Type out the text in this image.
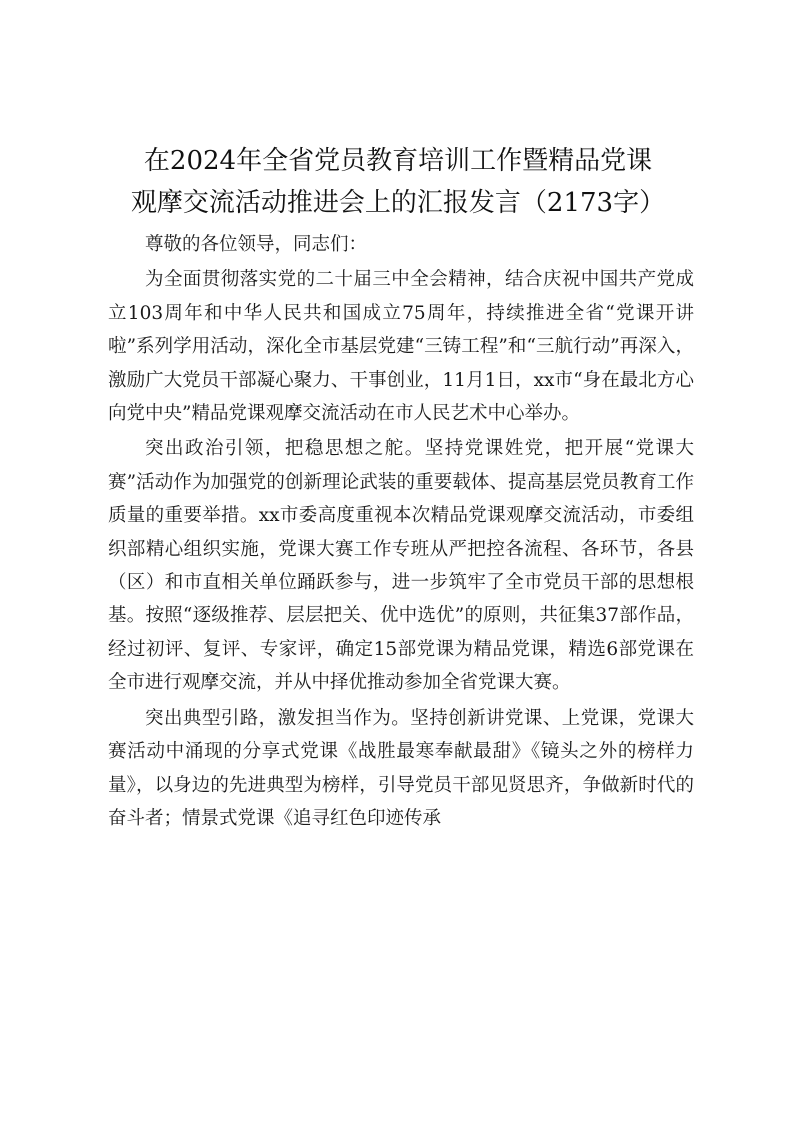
在2024年全省党员教育培训工作暨精品党课
观摩交流活动推进会上的汇报发言（2173字）

尊敬的各位领导，同志们：

为全面贯彻落实党的二十届三中全会精神，结合庆祝中国共产党成立103周年和中华人民共和国成立75周年，持续推进全省“党课开讲啦”系列学用活动，深化全市基层党建“三铸工程”和“三航行动”再深入，激励广大党员干部凝心聚力、干事创业，11月1日，xx市“身在最北方心向党中央”精品党课观摩交流活动在市人民艺术中心举办。

突出政治引领，把稳思想之舵。坚持党课姓党，把开展“党课大赛”活动作为加强党的创新理论武装的重要载体、提高基层党员教育工作质量的重要举措。xx市委高度重视本次精品党课观摩交流活动，市委组织部精心组织实施，党课大赛工作专班从严把控各流程、各环节，各县（区）和市直相关单位踊跃参与，进一步筑牢了全市党员干部的思想根基。按照“逐级推荐、层层把关、优中选优”的原则，共征集37部作品，经过初评、复评、专家评，确定15部党课为精品党课，精选6部党课在全市进行观摩交流，并从中择优推动参加全省党课大赛。

突出典型引路，激发担当作为。坚持创新讲党课、上党课，党课大赛活动中涌现的分享式党课《战胜最寒奉献最甜》《镜头之外的榜样力量》，以身边的先进典型为榜样，引导党员干部见贤思齐，争做新时代的奋斗者；情景式党课《追寻红色印迹传承
